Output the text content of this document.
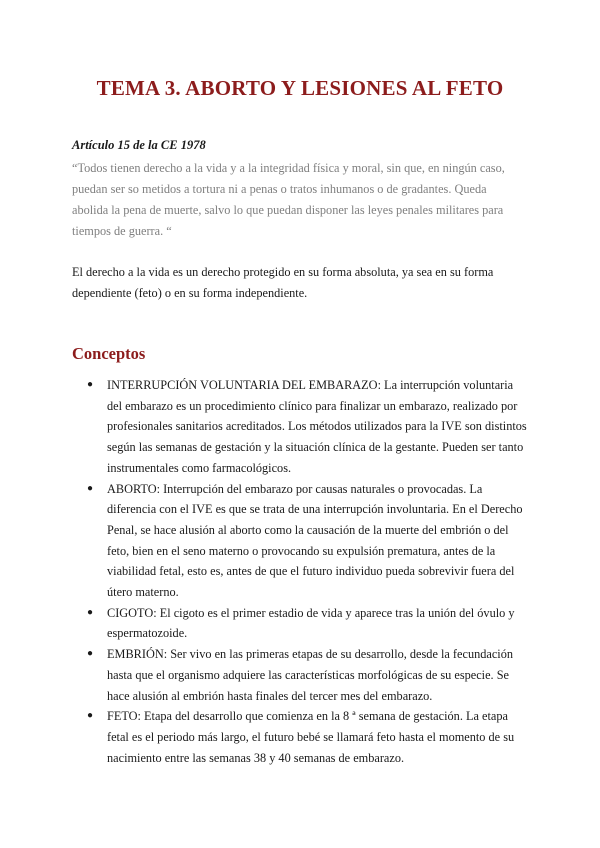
TEMA 3. ABORTO Y LESIONES AL FETO
Artículo 15 de la CE 1978

“Todos tienen derecho a la vida y a la integridad física y moral, sin que, en ningún caso, puedan ser so metidos a tortura ni a penas o tratos inhumanos o de gradantes. Queda abolida la pena de muerte, salvo lo que puedan disponer las leyes penales militares para tiempos de guerra. “

El derecho a la vida es un derecho protegido en su forma absoluta, ya sea en su forma dependiente (feto) o en su forma independiente.

Conceptos
● INTERRUPCIÓN VOLUNTARIA DEL EMBARAZO: La interrupción voluntaria del embarazo es un procedimiento clínico para finalizar un embarazo, realizado por profesionales sanitarios acreditados. Los métodos utilizados para la IVE son distintos según las semanas de gestación y la situación clínica de la gestante. Pueden ser tanto instrumentales como farmacológicos.
● ABORTO: Interrupción del embarazo por causas naturales o provocadas. La diferencia con el IVE es que se trata de una interrupción involuntaria. En el Derecho Penal, se hace alusión al aborto como la causación de la muerte del embrión o del feto, bien en el seno materno o provocando su expulsión prematura, antes de la viabilidad fetal, esto es, antes de que el futuro individuo pueda sobrevivir fuera del útero materno.
● CIGOTO: El cigoto es el primer estadio de vida y aparece tras la unión del óvulo y espermatozoide.
● EMBRIÓN: Ser vivo en las primeras etapas de su desarrollo, desde la fecundación hasta que el organismo adquiere las características morfológicas de su especie. Se hace alusión al embrión hasta finales del tercer mes del embarazo.
● FETO: Etapa del desarrollo que comienza en la 8 ª semana de gestación. La etapa fetal es el periodo más largo, el futuro bebé se llamará feto hasta el momento de su nacimiento entre las semanas 38 y 40 semanas de embarazo.
